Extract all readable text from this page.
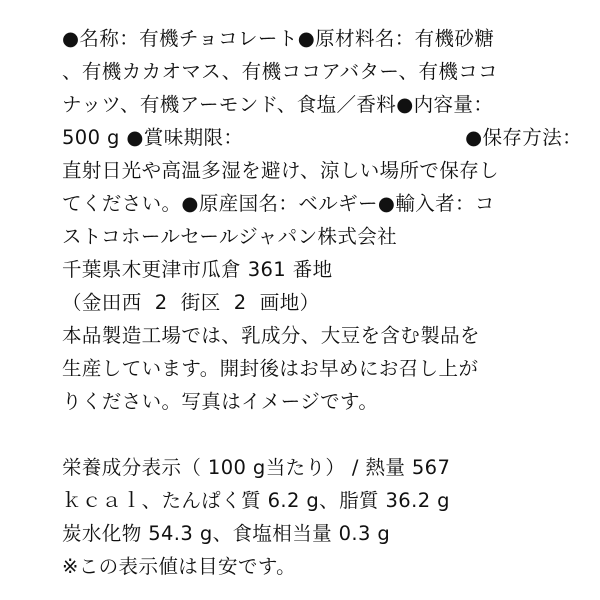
●名称：有機チョコレート●原材料名：有機砂糖
、有機カカオマス、有機ココアバター、有機ココ
ナッツ、有機アーモンド、食塩／香料●内容量：
500 g ●賞味期限：	●保存方法：
直射日光や高温多湿を避け、涼しい場所で保存し
てください。●原産国名：ベルギー●輸入者：コ
ストコホールセールジャパン株式会社
千葉県木更津市瓜倉 361 番地
（金田西  2  街区  2  画地）
本品製造工場では、乳成分、大豆を含む製品を
生産しています。開封後はお早めにお召し上が
りください。写真はイメージです。
栄養成分表示（ 100 g当たり） / 熱量 567
ｋｃａｌ、たんぱく質 6.2 g、脂質 36.2 g
炭水化物 54.3 g、食塩相当量 0.3 g
※この表示値は目安です。
